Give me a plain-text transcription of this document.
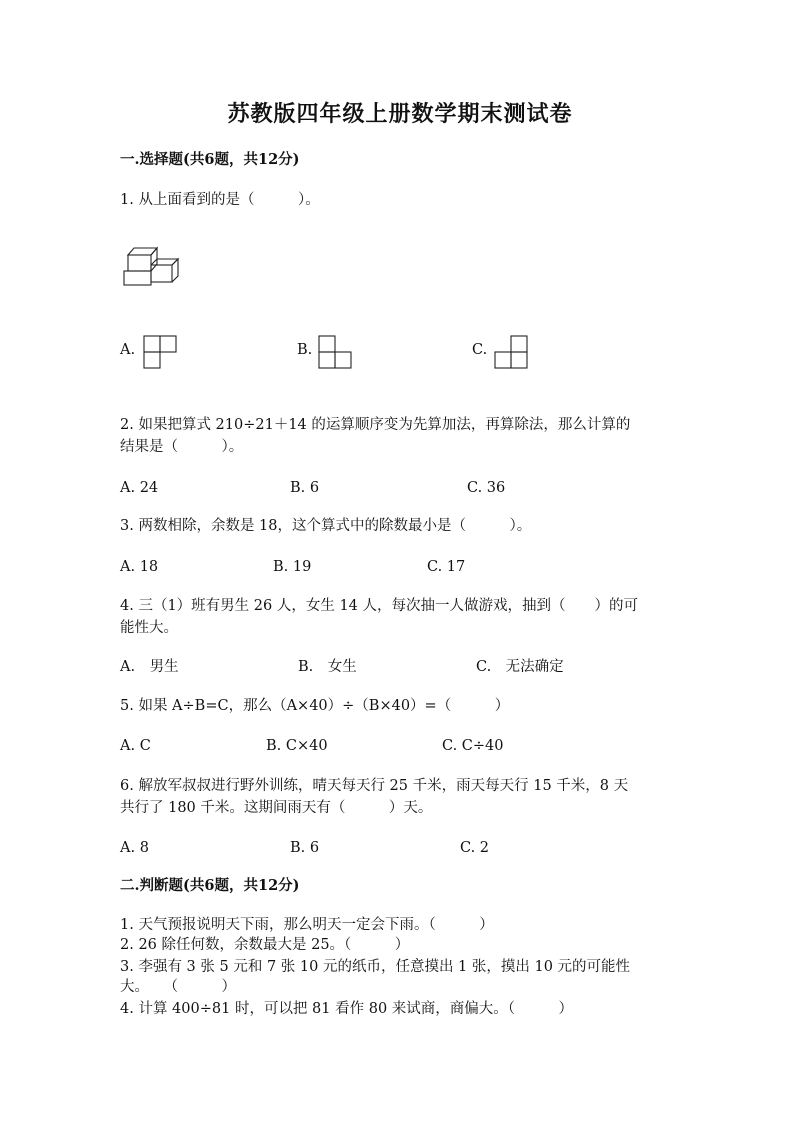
苏教版四年级上册数学期末测试卷
一.选择题(共6题，共12分)
1. 从上面看到的是（　　　）。
A.	B.	C.
2. 如果把算式 210÷21＋14 的运算顺序变为先算加法，再算除法，那么计算的
结果是（　　　）。
A. 24	B. 6	C. 36
3. 两数相除，余数是 18，这个算式中的除数最小是（　　　）。
A. 18	B. 19	C. 17
4. 三（1）班有男生 26 人，女生 14 人，每次抽一人做游戏，抽到（　　）的可
能性大。
A.　男生	B.　女生	C.　无法确定
5. 如果 A÷B=C，那么（A×40）÷（B×40）=（　　　）
A. C	B. C×40	C. C÷40
6. 解放军叔叔进行野外训练，晴天每天行 25 千米，雨天每天行 15 千米，8 天
共行了 180 千米。这期间雨天有（　　　）天。
A. 8	B. 6	C. 2
二.判断题(共6题，共12分)
1. 天气预报说明天下雨，那么明天一定会下雨。（　　　）
2. 26 除任何数，余数最大是 25。（　　　）
3. 李强有 3 张 5 元和 7 张 10 元的纸币，任意摸出 1 张，摸出 10 元的可能性
大。　　（　　　）
4. 计算 400÷81 时，可以把 81 看作 80 来试商，商偏大。（　　　）
